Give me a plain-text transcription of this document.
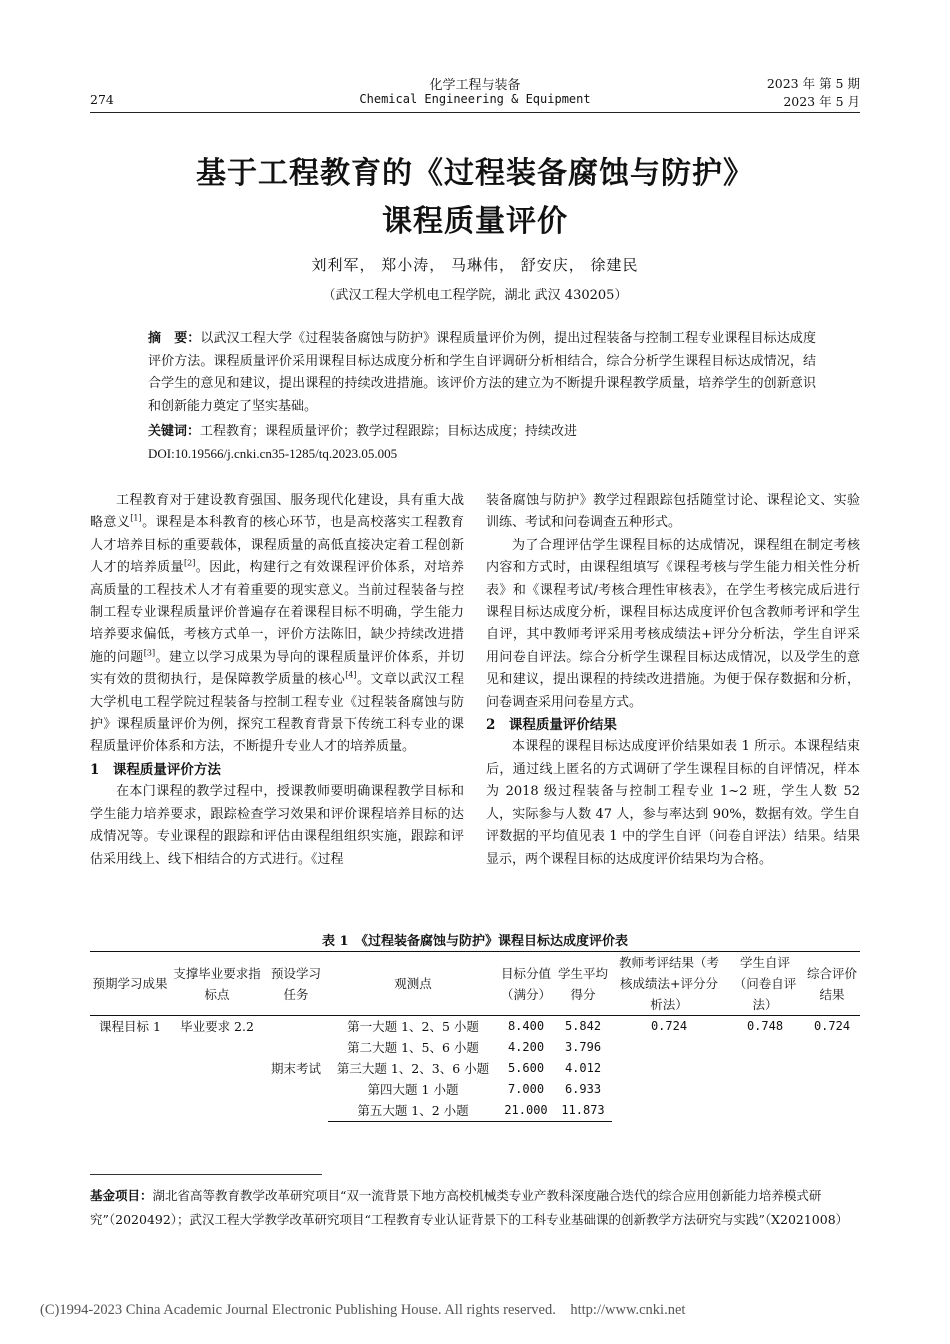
化学工程与装备	2023 年 第 5 期
274	Chemical Engineering & Equipment	2023 年 5 月
基于工程教育的《过程装备腐蚀与防护》
课程质量评价
刘利军， 郑小涛， 马琳伟， 舒安庆， 徐建民
（武汉工程大学机电工程学院，湖北 武汉 430205）
摘　要：以武汉工程大学《过程装备腐蚀与防护》课程质量评价为例，提出过程装备与控制工程专业课程目标达成度评价方法。课程质量评价采用课程目标达成度分析和学生自评调研分析相结合，综合分析学生课程目标达成情况，结合学生的意见和建议，提出课程的持续改进措施。该评价方法的建立为不断提升课程教学质量，培养学生的创新意识和创新能力奠定了坚实基础。
关键词：工程教育；课程质量评价；教学过程跟踪；目标达成度；持续改进
DOI:10.19566/j.cnki.cn35-1285/tq.2023.05.005

工程教育对于建设教育强国、服务现代化建设，具有重大战略意义[1]。课程是本科教育的核心环节，也是高校落实工程教育人才培养目标的重要载体，课程质量的高低直接决定着工程创新人才的培养质量[2]。因此，构建行之有效课程评价体系，对培养高质量的工程技术人才有着重要的现实意义。当前过程装备与控制工程专业课程质量评价普遍存在着课程目标不明确，学生能力培养要求偏低，考核方式单一，评价方法陈旧，缺少持续改进措施的问题[3]。建立以学习成果为导向的课程质量评价体系，并切实有效的贯彻执行，是保障教学质量的核心[4]。文章以武汉工程大学机电工程学院过程装备与控制工程专业《过程装备腐蚀与防护》课程质量评价为例，探究工程教育背景下传统工科专业的课程质量评价体系和方法，不断提升专业人才的培养质量。

1　课程质量评价方法

在本门课程的教学过程中，授课教师要明确课程教学目标和学生能力培养要求，跟踪检查学习效果和评价课程培养目标的达成情况等。专业课程的跟踪和评估由课程组组织实施，跟踪和评估采用线上、线下相结合的方式进行。《过程

装备腐蚀与防护》教学过程跟踪包括随堂讨论、课程论文、实验训练、考试和问卷调查五种形式。

为了合理评估学生课程目标的达成情况，课程组在制定考核内容和方式时，由课程组填写《课程考核与学生能力相关性分析表》和《课程考试/考核合理性审核表》，在学生考核完成后进行课程目标达成度分析，课程目标达成度评价包含教师考评和学生自评，其中教师考评采用考核成绩法+评分分析法，学生自评采用问卷自评法。综合分析学生课程目标达成情况，以及学生的意见和建议，提出课程的持续改进措施。为便于保存数据和分析，问卷调查采用问卷星方式。

2　课程质量评价结果

本课程的课程目标达成度评价结果如表 1 所示。本课程结束后，通过线上匿名的方式调研了学生课程目标的自评情况，样本为 2018 级过程装备与控制工程专业 1~2 班，学生人数 52 人，实际参与人数 47 人，参与率达到 90%，数据有效。学生自评数据的平均值见表 1 中的学生自评（问卷自评法）结果。结果显示，两个课程目标的达成度评价结果均为合格。

表 1　《过程装备腐蚀与防护》课程目标达成度评价表
预期学习成果	支撑毕业要求指标点	预设学习任务	观测点	目标分值（满分）	学生平均得分	教师考评结果（考核成绩法+评分分析法）	学生自评（问卷自评法）	综合评价结果
课程目标 1	毕业要求 2.2	期末考试	第一大题 1、2、5 小题	8.400	5.842	0.724	0.748	0.724
			第二大题 1、5、6 小题	4.200	3.796			
			第三大题 1、2、3、6 小题	5.600	4.012			
			第四大题 1 小题	7.000	6.933			
			第五大题 1、2 小题	21.000	11.873			
基金项目：湖北省高等教育教学改革研究项目“双一流背景下地方高校机械类专业产教科深度融合迭代的综合应用创新能力培养模式研究”（2020492）；武汉工程大学教学改革研究项目“工程教育专业认证背景下的工科专业基础课的创新教学方法研究与实践”（X2021008）
(C)1994-2023 China Academic Journal Electronic Publishing House. All rights reserved.　http://www.cnki.net
